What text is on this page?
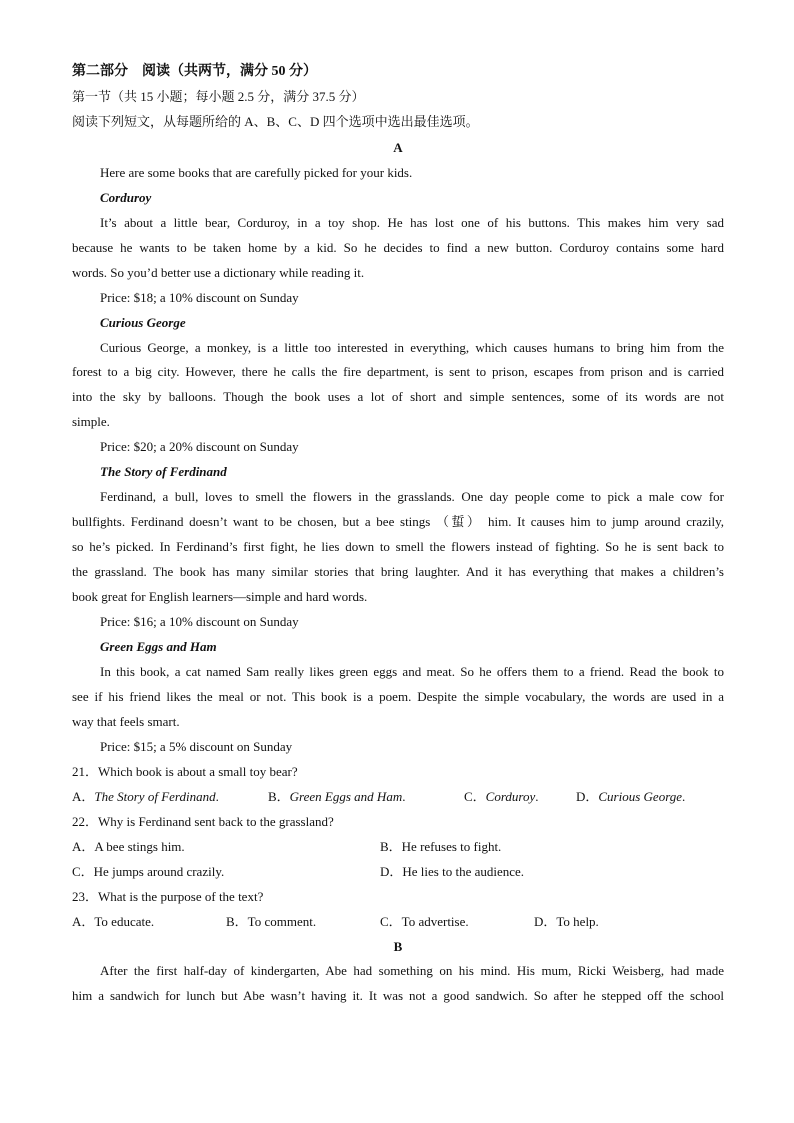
第二部分　阅读（共两节，满分 50 分）
第一节（共 15 小题；每小题 2.5 分，满分 37.5 分）
阅读下列短文，从每题所给的 A、B、C、D 四个选项中选出最佳选项。
A
Here are some books that are carefully picked for your kids.
Corduroy
It’s about a little bear, Corduroy, in a toy shop. He has lost one of his buttons. This makes him very sad
because he wants to be taken home by a kid. So he decides to find a new button. Corduroy contains some hard
words. So you’d better use a dictionary while reading it.
Price: $18; a 10% discount on Sunday
Curious George
Curious George, a monkey, is a little too interested in everything, which causes humans to bring him from the
forest to a big city. However, there he calls the fire department, is sent to prison, escapes from prison and is carried
into the sky by balloons. Though the book uses a lot of short and simple sentences, some of its words are not
simple.
Price: $20; a 20% discount on Sunday
The Story of Ferdinand
Ferdinand, a bull, loves to smell the flowers in the grasslands. One day people come to pick a male cow for
bullfights. Ferdinand doesn’t want to be chosen, but a bee stings （蜇） him. It causes him to jump around crazily,
so he’s picked. In Ferdinand’s first fight, he lies down to smell the flowers instead of fighting. So he is sent back to
the grassland. The book has many similar stories that bring laughter. And it has everything that makes a children’s
book great for English learners—simple and hard words.
Price: $16; a 10% discount on Sunday
Green Eggs and Ham
In this book, a cat named Sam really likes green eggs and meat. So he offers them to a friend. Read the book to
see if his friend likes the meal or not. This book is a poem. Despite the simple vocabulary, the words are used in a
way that feels smart.
Price: $15; a 5% discount on Sunday
21．Which book is about a small toy bear?
A．The Story of Ferdinand.	B．Green Eggs and Ham.	C．Corduroy.	D．Curious George.
22．Why is Ferdinand sent back to the grassland?
A．A bee stings him.	B．He refuses to fight.
C．He jumps around crazily.	D．He lies to the audience.
23．What is the purpose of the text?
A．To educate.	B．To comment.	C．To advertise.	D．To help.
B
After the first half-day of kindergarten, Abe had something on his mind. His mum, Ricki Weisberg, had made
him a sandwich for lunch but Abe wasn’t having it. It was not a good sandwich. So after he stepped off the school
